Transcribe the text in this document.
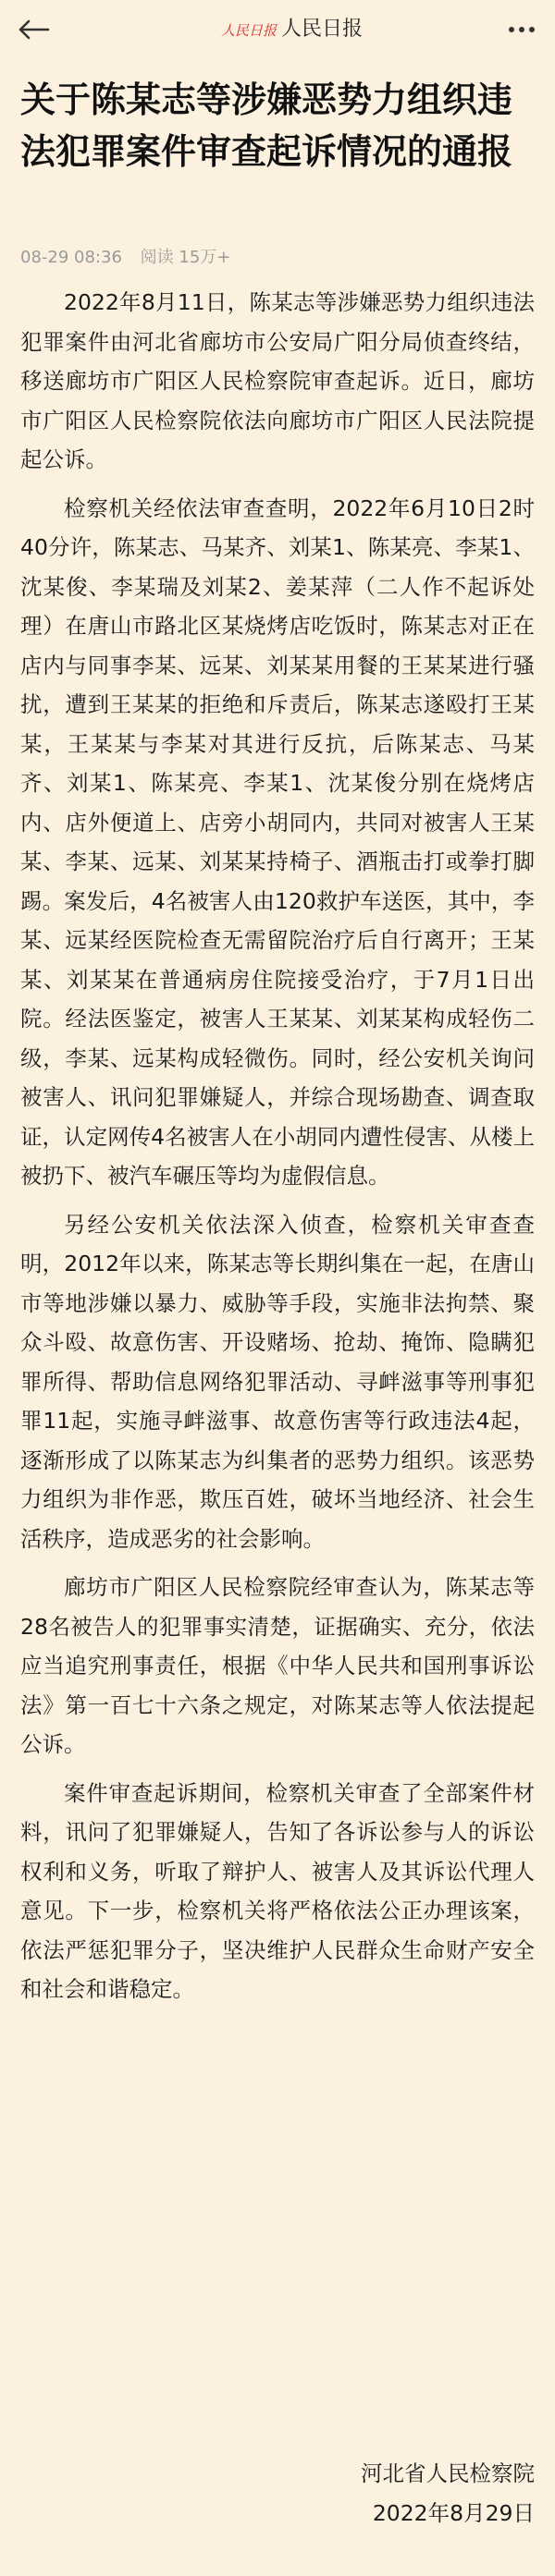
人民日报 人民日报
关于陈某志等涉嫌恶势力组织违法犯罪案件审查起诉情况的通报
08-29 08:36 阅读 15万+

2022年8月11日，陈某志等涉嫌恶势力组织违法犯罪案件由河北省廊坊市公安局广阳分局侦查终结，移送廊坊市广阳区人民检察院审查起诉。近日，廊坊市广阳区人民检察院依法向廊坊市广阳区人民法院提起公诉。

检察机关经依法审查查明，2022年6月10日2时40分许，陈某志、马某齐、刘某1、陈某亮、李某1、沈某俊、李某瑞及刘某2、姜某萍（二人作不起诉处理）在唐山市路北区某烧烤店吃饭时，陈某志对正在店内与同事李某、远某、刘某某用餐的王某某进行骚扰，遭到王某某的拒绝和斥责后，陈某志遂殴打王某某，王某某与李某对其进行反抗，后陈某志、马某齐、刘某1、陈某亮、李某1、沈某俊分别在烧烤店内、店外便道上、店旁小胡同内，共同对被害人王某某、李某、远某、刘某某持椅子、酒瓶击打或拳打脚踢。案发后，4名被害人由120救护车送医，其中，李某、远某经医院检查无需留院治疗后自行离开；王某某、刘某某在普通病房住院接受治疗，于7月1日出院。经法医鉴定，被害人王某某、刘某某构成轻伤二级，李某、远某构成轻微伤。同时，经公安机关询问被害人、讯问犯罪嫌疑人，并综合现场勘查、调查取证，认定网传4名被害人在小胡同内遭性侵害、从楼上被扔下、被汽车碾压等均为虚假信息。

另经公安机关依法深入侦查，检察机关审查查明，2012年以来，陈某志等长期纠集在一起，在唐山市等地涉嫌以暴力、威胁等手段，实施非法拘禁、聚众斗殴、故意伤害、开设赌场、抢劫、掩饰、隐瞒犯罪所得、帮助信息网络犯罪活动、寻衅滋事等刑事犯罪11起，实施寻衅滋事、故意伤害等行政违法4起，逐渐形成了以陈某志为纠集者的恶势力组织。该恶势力组织为非作恶，欺压百姓，破坏当地经济、社会生活秩序，造成恶劣的社会影响。

廊坊市广阳区人民检察院经审查认为，陈某志等28名被告人的犯罪事实清楚，证据确实、充分，依法应当追究刑事责任，根据《中华人民共和国刑事诉讼法》第一百七十六条之规定，对陈某志等人依法提起公诉。

案件审查起诉期间，检察机关审查了全部案件材料，讯问了犯罪嫌疑人，告知了各诉讼参与人的诉讼权利和义务，听取了辩护人、被害人及其诉讼代理人意见。下一步，检察机关将严格依法公正办理该案，依法严惩犯罪分子，坚决维护人民群众生命财产安全和社会和谐稳定。

河北省人民检察院
2022年8月29日
